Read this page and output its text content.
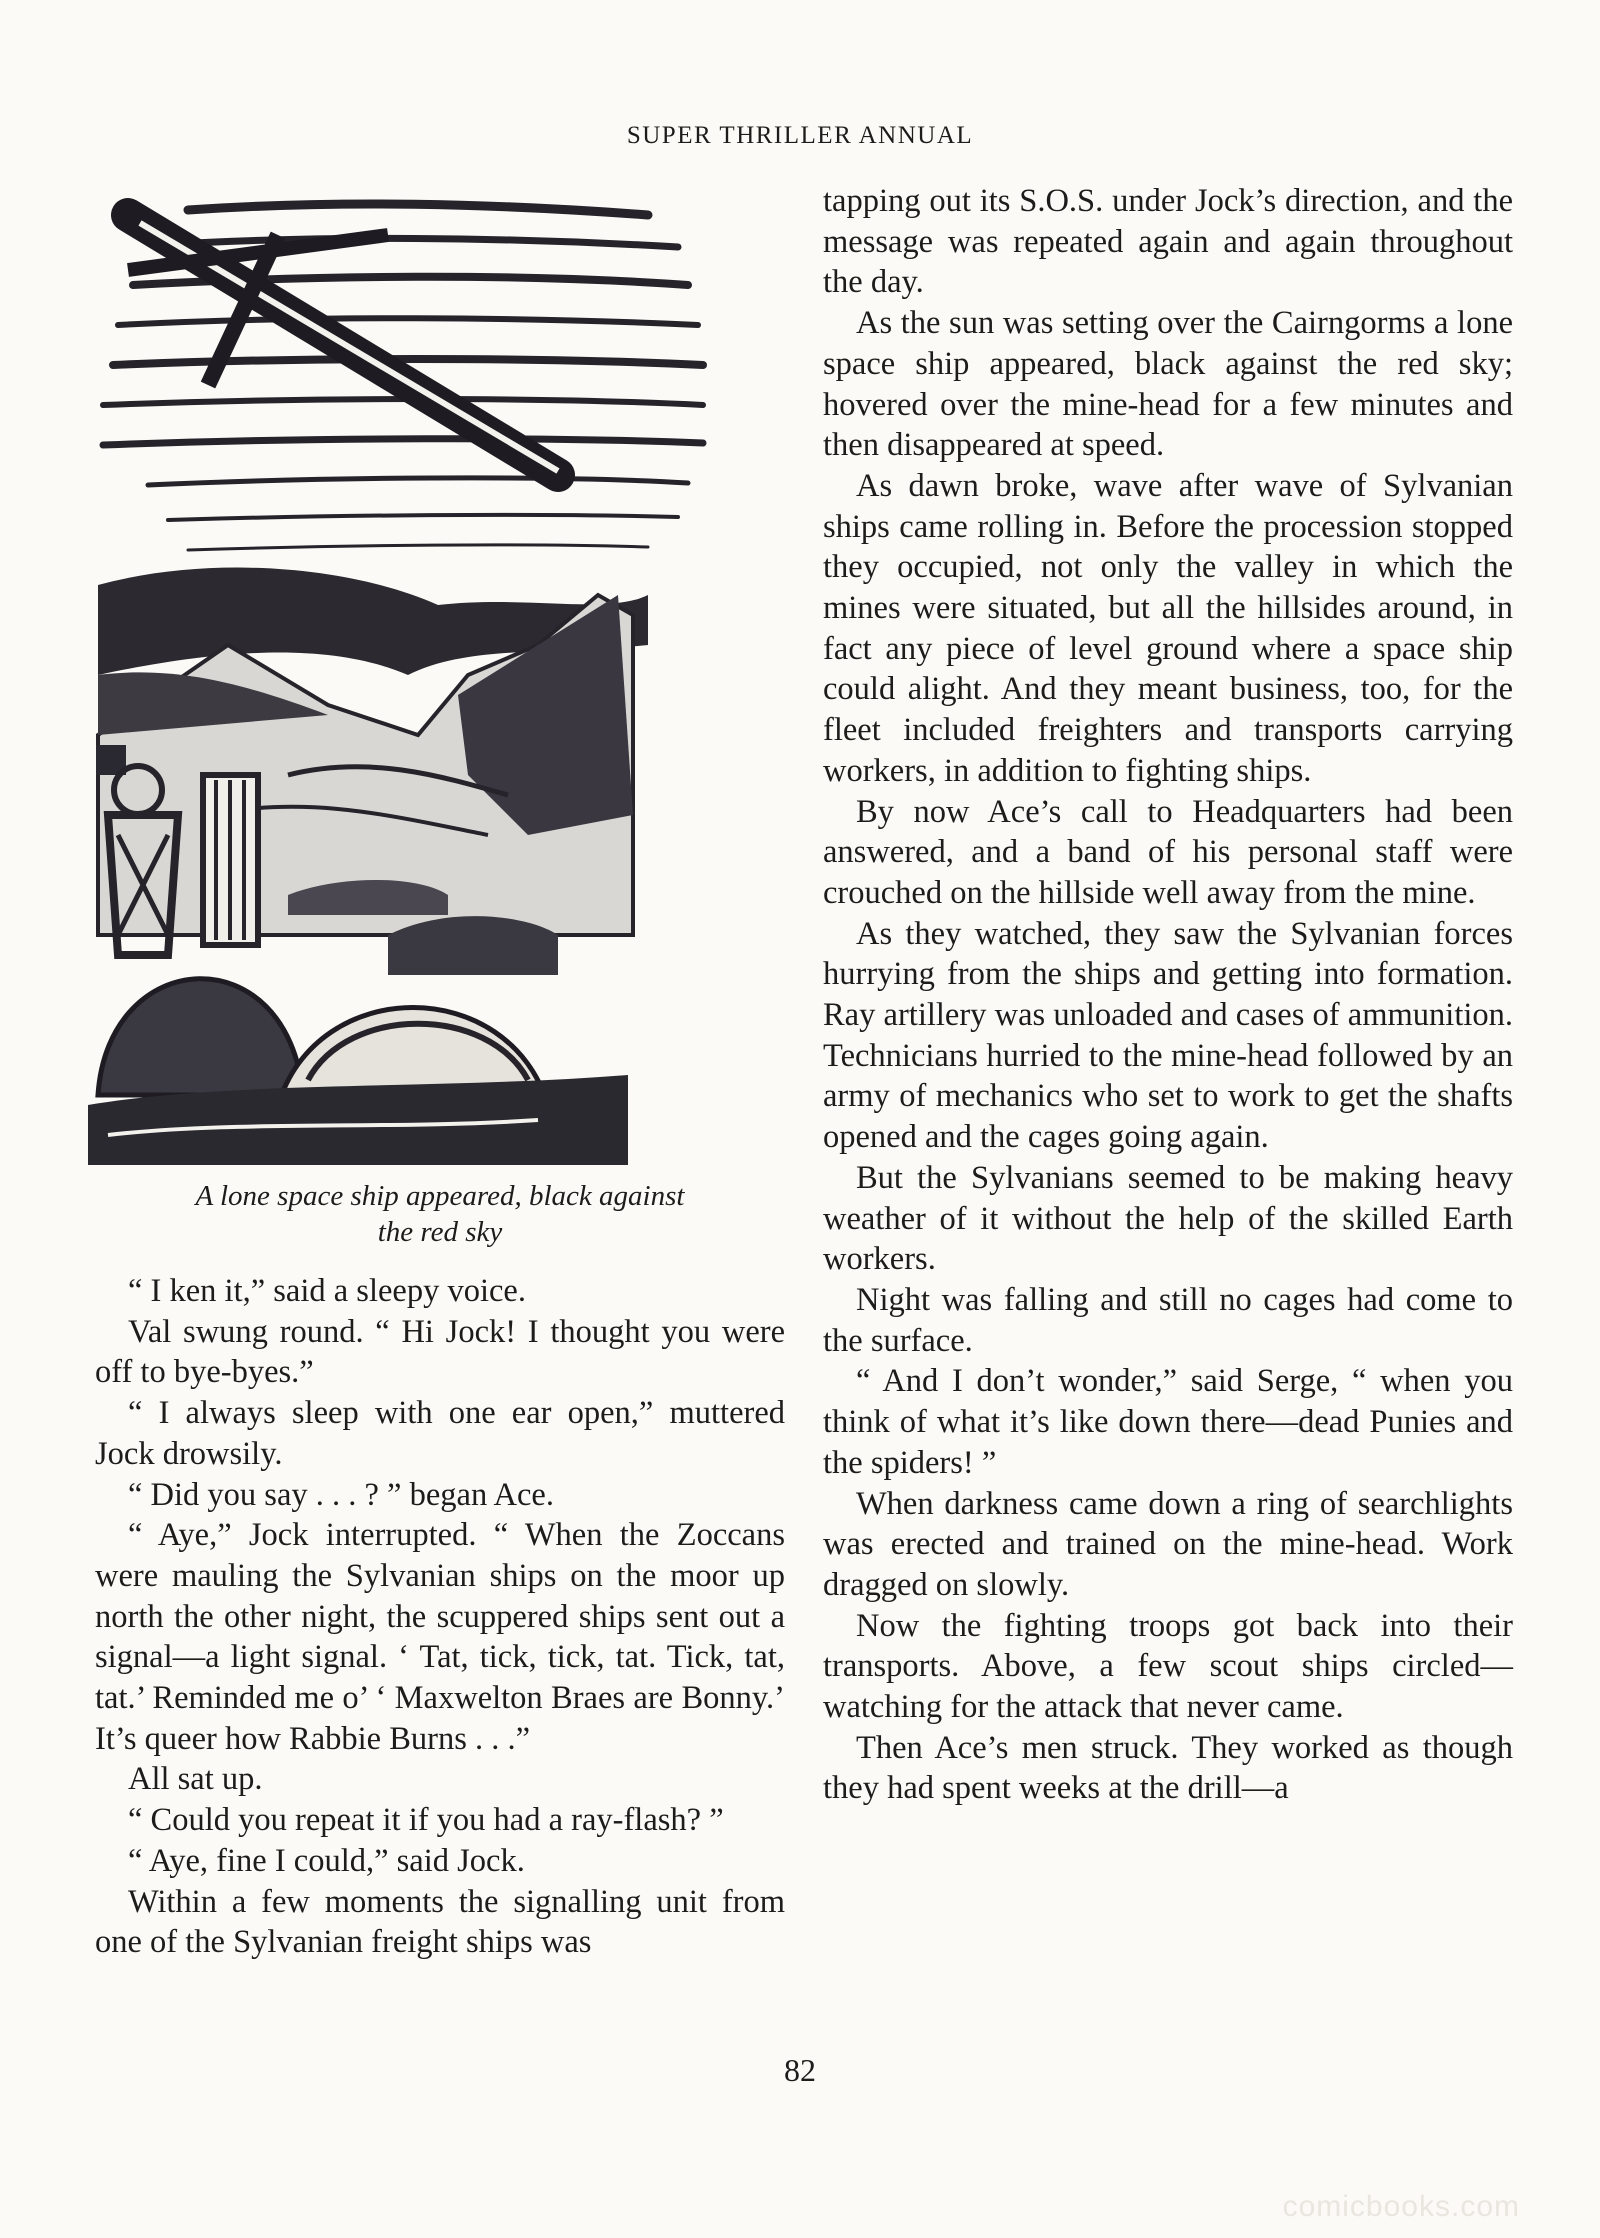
SUPER THRILLER ANNUAL
A lone space ship appeared, black against
the red sky

“ I ken it,” said a sleepy voice.

Val swung round. “ Hi Jock! I thought you were off to bye-byes.”

“ I always sleep with one ear open,” muttered Jock drowsily.

“ Did you say . . . ? ” began Ace.

“ Aye,” Jock interrupted. “ When the Zoccans were mauling the Sylvanian ships on the moor up north the other night, the scuppered ships sent out a signal—a light signal. ‘ Tat, tick, tick, tat. Tick, tat, tat.’ Reminded me o’ ‘ Maxwelton Braes are Bonny.’ It’s queer how Rabbie Burns . . .”

All sat up.

“ Could you repeat it if you had a ray-flash? ”

“ Aye, fine I could,” said Jock.

Within a few moments the signalling unit from one of the Sylvanian freight ships was

tapping out its S.O.S. under Jock’s direction, and the message was repeated again and again throughout the day.

As the sun was setting over the Cairngorms a lone space ship appeared, black against the red sky; hovered over the mine-head for a few minutes and then disappeared at speed.

As dawn broke, wave after wave of Sylvanian ships came rolling in. Before the procession stopped they occupied, not only the valley in which the mines were situated, but all the hillsides around, in fact any piece of level ground where a space ship could alight. And they meant business, too, for the fleet included freighters and transports carrying workers, in addition to fighting ships.

By now Ace’s call to Headquarters had been answered, and a band of his personal staff were crouched on the hillside well away from the mine.

As they watched, they saw the Sylvanian forces hurrying from the ships and getting into formation. Ray artillery was unloaded and cases of ammunition. Technicians hurried to the mine-head followed by an army of mechanics who set to work to get the shafts opened and the cages going again.

But the Sylvanians seemed to be making heavy weather of it without the help of the skilled Earth workers.

Night was falling and still no cages had come to the surface.

“ And I don’t wonder,” said Serge, “ when you think of what it’s like down there—dead Punies and the spiders! ”

When darkness came down a ring of searchlights was erected and trained on the mine-head. Work dragged on slowly.

Now the fighting troops got back into their transports. Above, a few scout ships circled—watching for the attack that never came.

Then Ace’s men struck. They worked as though they had spent weeks at the drill—a

82
comicbooks.com
